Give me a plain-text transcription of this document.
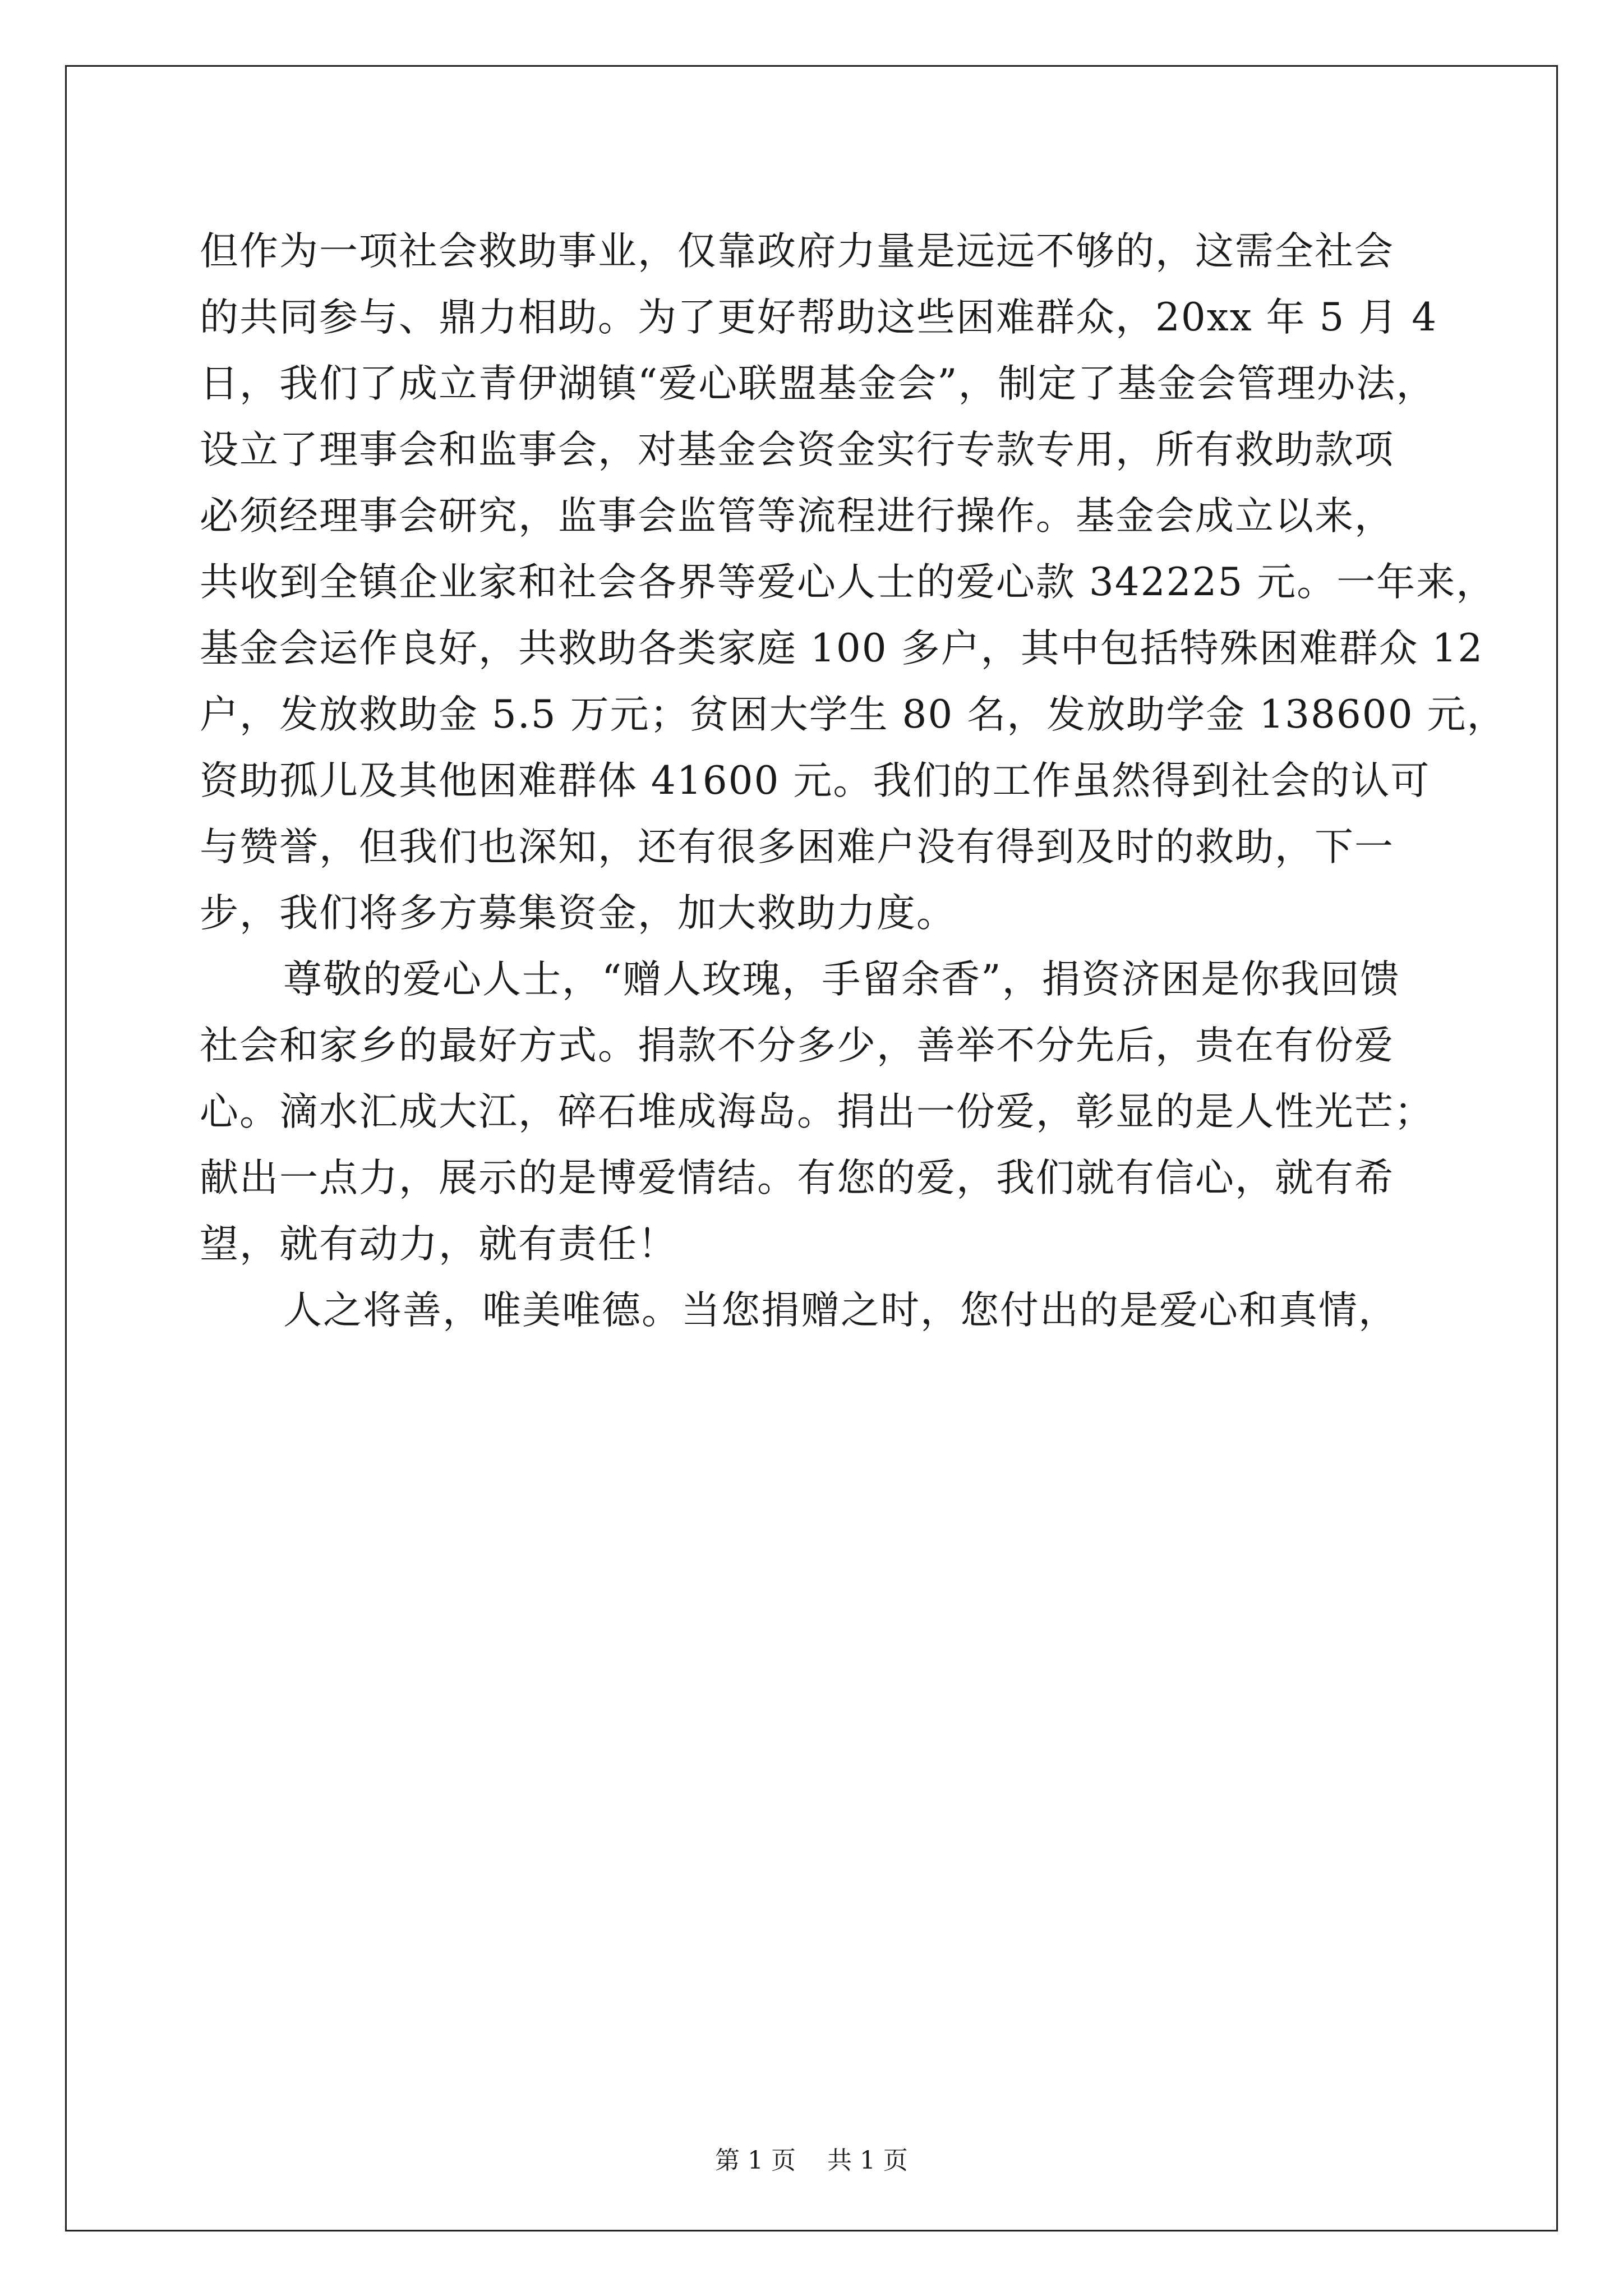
但作为一项社会救助事业，仅靠政府力量是远远不够的，这需全社会
的共同参与、鼎力相助。为了更好帮助这些困难群众，20xx 年 5 月 4
日，我们了成立青伊湖镇“爱心联盟基金会”，制定了基金会管理办法，
设立了理事会和监事会，对基金会资金实行专款专用，所有救助款项
必须经理事会研究，监事会监管等流程进行操作。基金会成立以来，
共收到全镇企业家和社会各界等爱心人士的爱心款 342225 元。一年来，
基金会运作良好，共救助各类家庭 100 多户，其中包括特殊困难群众 12
户，发放救助金 5.5 万元；贫困大学生 80 名，发放助学金 138600 元，
资助孤儿及其他困难群体 41600 元。我们的工作虽然得到社会的认可
与赞誉，但我们也深知，还有很多困难户没有得到及时的救助，下一
步，我们将多方募集资金，加大救助力度。
尊敬的爱心人士，“赠人玫瑰，手留余香”，捐资济困是你我回馈
社会和家乡的最好方式。捐款不分多少，善举不分先后，贵在有份爱
心。滴水汇成大江，碎石堆成海岛。捐出一份爱，彰显的是人性光芒；
献出一点力，展示的是博爱情结。有您的爱，我们就有信心，就有希
望，就有动力，就有责任！
人之将善，唯美唯德。当您捐赠之时，您付出的是爱心和真情，
第 1 页    共 1 页
